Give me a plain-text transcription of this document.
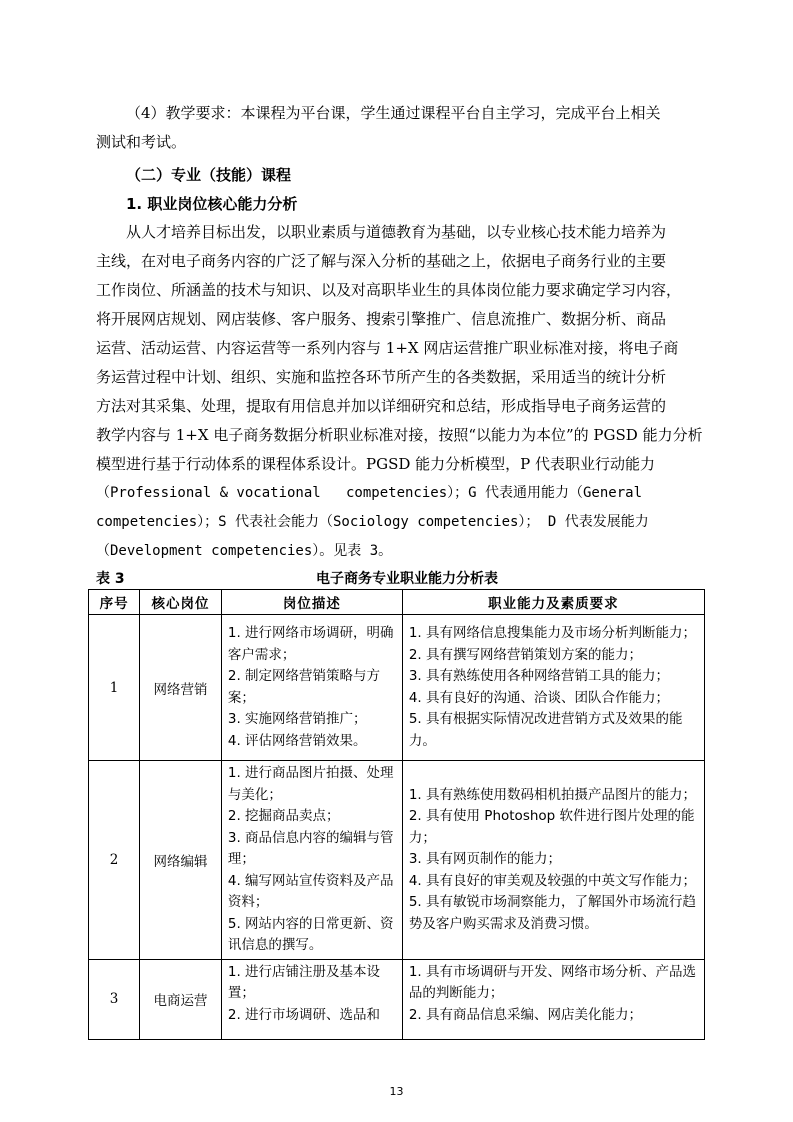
（4）教学要求：本课程为平台课，学生通过课程平台自主学习，完成平台上相关
测试和考试。
（二）专业（技能）课程
1. 职业岗位核心能力分析
从人才培养目标出发，以职业素质与道德教育为基础，以专业核心技术能力培养为
主线，在对电子商务内容的广泛了解与深入分析的基础之上，依据电子商务行业的主要
工作岗位、所涵盖的技术与知识、以及对高职毕业生的具体岗位能力要求确定学习内容，
将开展网店规划、网店装修、客户服务、搜索引擎推广、信息流推广、数据分析、商品
运营、活动运营、内容运营等一系列内容与 1+X 网店运营推广职业标准对接，将电子商
务运营过程中计划、组织、实施和监控各环节所产生的各类数据，采用适当的统计分析
方法对其采集、处理，提取有用信息并加以详细研究和总结，形成指导电子商务运营的
教学内容与 1+X 电子商务数据分析职业标准对接，按照“以能力为本位”的 PGSD 能力分析
模型进行基于行动体系的课程体系设计。PGSD 能力分析模型，P 代表职业行动能力
（Professional & vocational   competencies）；G 代表通用能力（General
competencies）；S 代表社会能力（Sociology competencies）； D 代表发展能力
（Development competencies）。见表 3。
表 3	电子商务专业职业能力分析表
序号	核心岗位	岗位描述	职业能力及素质要求
1	网络营销	1. 进行网络市场调研，明确客户需求；
2. 制定网络营销策略与方案；
3. 实施网络营销推广；
4. 评估网络营销效果。	1. 具有网络信息搜集能力及市场分析判断能力；
2. 具有撰写网络营销策划方案的能力；
3. 具有熟练使用各种网络营销工具的能力；
4. 具有良好的沟通、洽谈、团队合作能力；
5. 具有根据实际情况改进营销方式及效果的能力。

2	网络编辑	1. 进行商品图片拍摄、处理与美化；
2. 挖掘商品卖点；
3. 商品信息内容的编辑与管理；
4. 编写网站宣传资料及产品资料；
5. 网站内容的日常更新、资讯信息的撰写。	1. 具有熟练使用数码相机拍摄产品图片的能力；
2. 具有使用 Photoshop 软件进行图片处理的能力；
3. 具有网页制作的能力；
4. 具有良好的审美观及较强的中英文写作能力；
5. 具有敏锐市场洞察能力，了解国外市场流行趋势及客户购买需求及消费习惯。

3	电商运营	1. 进行店铺注册及基本设置；
2. 进行市场调研、选品和	1. 具有市场调研与开发、网络市场分析、产品选品的判断能力；
2. 具有商品信息采编、网店美化能力；
13
